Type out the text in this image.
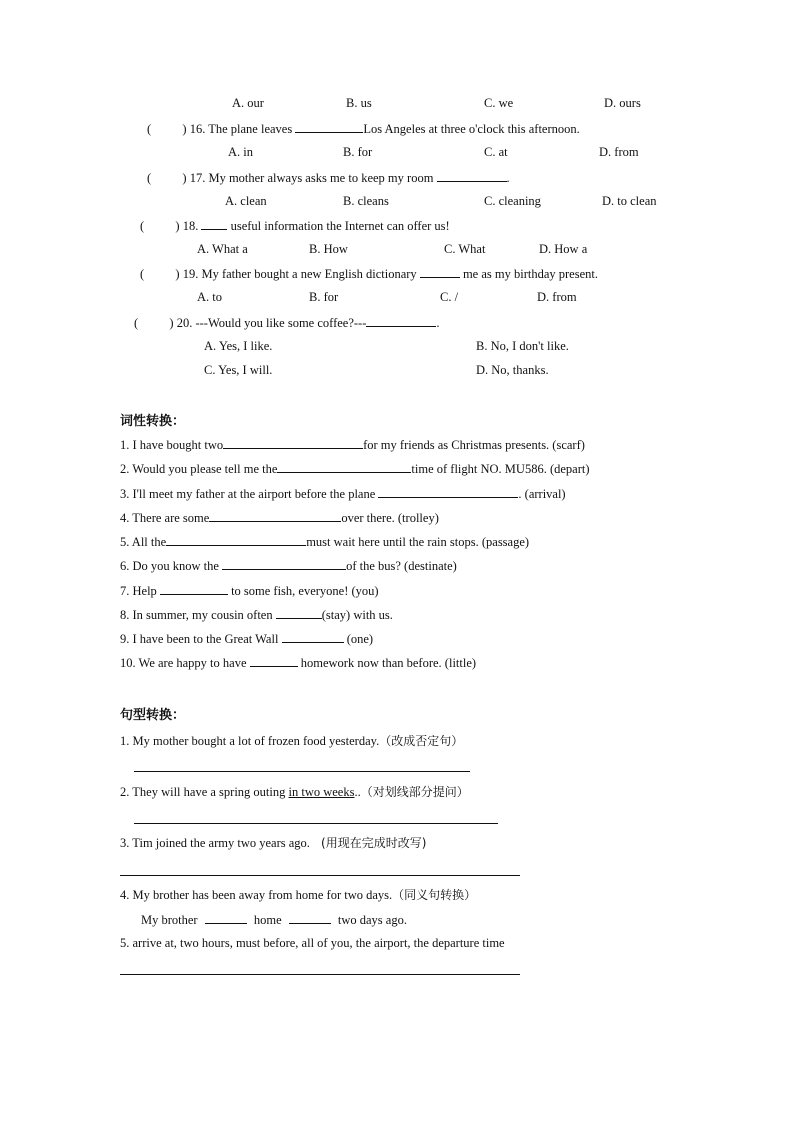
A. our	B. us	C. we	D. ours
(          ) 16. The plane leaves	Los Angeles at three o'clock this afternoon.
A. in	B. for	C. at	D. from
(          ) 17. My mother always asks me to keep my room	.
A. clean	B. cleans	C. cleaning	D. to clean
(          ) 18.	useful information the Internet can offer us!
A. What a	B. How	C. What	D. How a
(          ) 19. My father bought a new English dictionary	me as my birthday present.
A. to	B. for	C. /	D. from
(          ) 20. ---Would you like some coffee?---	.
A. Yes, I like.	B. No, I don't like.
C. Yes, I will.	D. No, thanks.
词性转换：
1. I have bought two	for my friends as Christmas presents. (scarf)
2. Would you please tell me the	time of flight NO. MU586. (depart)
3. I'll meet my father at the airport before the plane	. (arrival)
4. There are some	over there. (trolley)
5. All the	must wait here until the rain stops. (passage)
6. Do you know the	of the bus? (destinate)
7. Help	to some fish, everyone! (you)
8. In summer, my cousin often	(stay) with us.
9. I have been to the Great Wall	(one)
10. We are happy to have	homework now than before. (little)
句型转换：
1. My mother bought a lot of frozen food yesterday.（改成否定句）
2. They will have a spring outing in two weeks..（对划线部分提问）
3. Tim joined the army two years ago. (用现在完成时改写)
4. My brother has been away from home for two days.（同义句转换）
My brother	home	two days ago.
5. arrive at, two hours, must before, all of you, the airport, the departure time
